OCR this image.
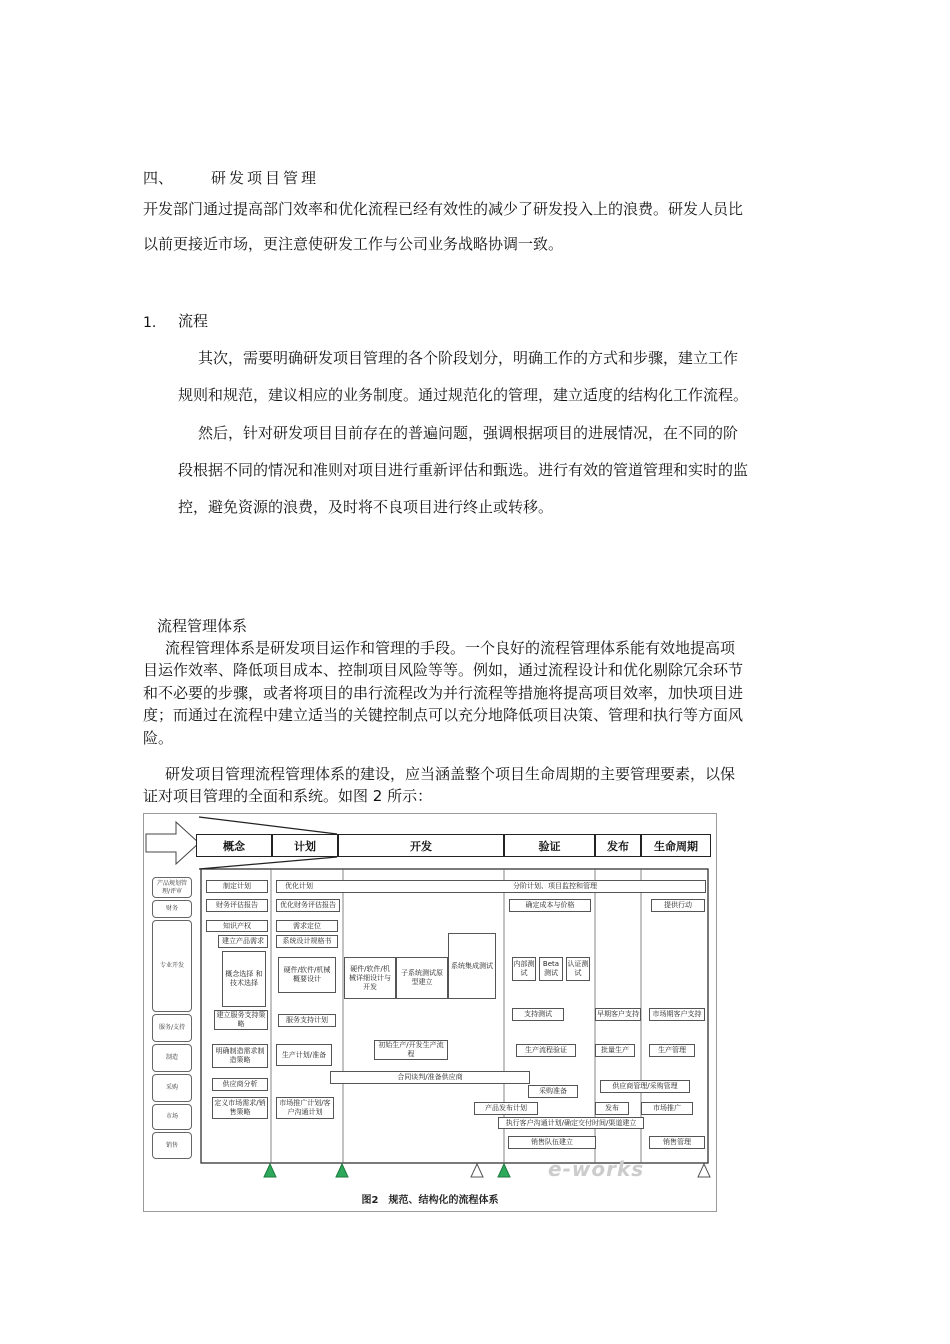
四、	研发项目管理
开发部门通过提高部门效率和优化流程已经有效性的减少了研发投入上的浪费。研发人员比
以前更接近市场，更注意使研发工作与公司业务战略协调一致。
1. 流程
其次，需要明确研发项目管理的各个阶段划分，明确工作的方式和步骤，建立工作
规则和规范，建议相应的业务制度。通过规范化的管理，建立适度的结构化工作流程。
然后，针对研发项目目前存在的普遍问题，强调根据项目的进展情况，在不同的阶
段根据不同的情况和准则对项目进行重新评估和甄选。进行有效的管道管理和实时的监
控，避免资源的浪费，及时将不良项目进行终止或转移。
流程管理体系
流程管理体系是研发项目运作和管理的手段。一个良好的流程管理体系能有效地提高项
目运作效率、降低项目成本、控制项目风险等等。例如，通过流程设计和优化剔除冗余环节
和不必要的步骤，或者将项目的串行流程改为并行流程等措施将提高项目效率，加快项目进
度；而通过在流程中建立适当的关键控制点可以充分地降低项目决策、管理和执行等方面风
险。
研发项目管理流程管理体系的建设，应当涵盖整个项目生命周期的主要管理要素，以保
证对项目管理的全面和系统。如图 2 所示：
概念	计划	开发	验证	发布	生命周期
产品规划管理/评审
财务
专业开发
服务/支持
制造
采购
市场
销售
制定计划	优化计划	分阶计划、项目监控和管理
财务评估报告	优化财务评估报告	确定成本与价格	提供行动
知识产权	需求定位
建立产品需求	系统设计规格书
概念选择 和 技术选择
硬件/软件/机械概要设计
硬件/软件/机械详细设计与开发
子系统测试原型建立
系统集成测试	内部测试
Beta测试
认证测试
建立服务支持策略	服务支持计划
支持测试	早期客户支持	市场期客户支持
明确制造需求制造策略
生产计划/准备
初始生产/开发生产流程	生产流程验证	批量生产	生产管理
合同谈判/准备供应商
供应商分析
采购准备
供应商管理/采购管理
定义市场需求/销售策略
市场推广计划/客户沟通计划	产品发布计划	发布	市场推广
执行客户沟通计划/确定交付时间/渠道建立
销售队伍建立	销售管理
e-works
图2　规范、结构化的流程体系
